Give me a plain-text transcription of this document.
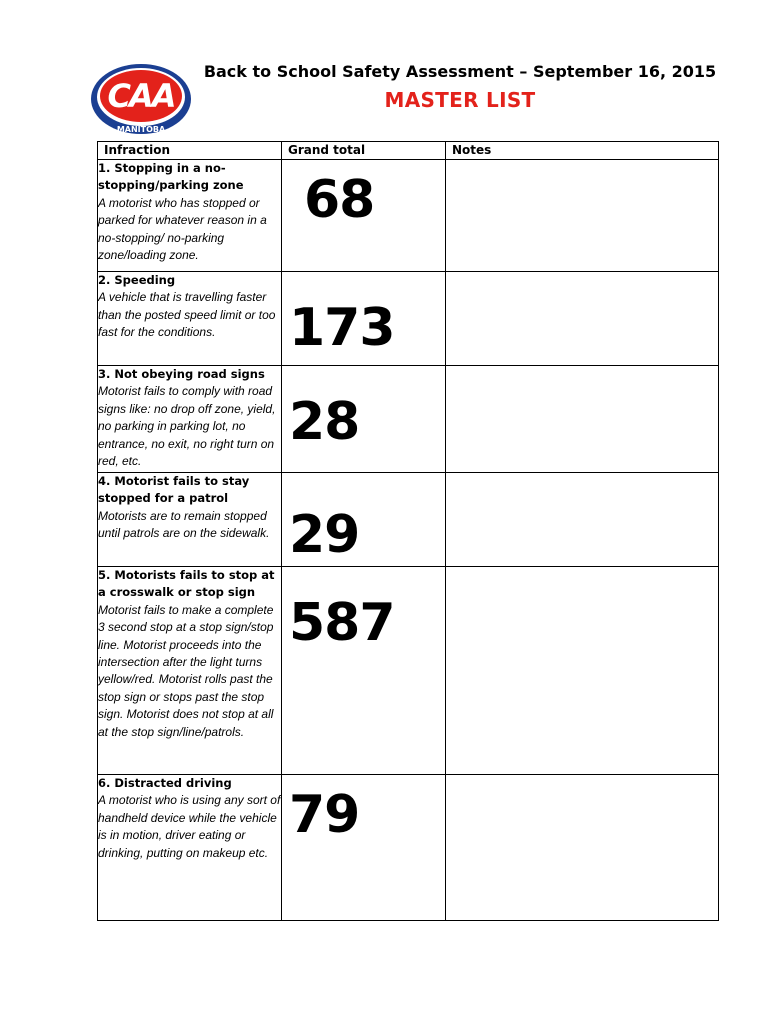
CAA
MANITOBA
Back to School Safety Assessment – September 16, 2015
MASTER LIST
Infraction	Grand total	Notes

1. Stopping in a no-stopping/parking zone
A motorist who has stopped or parked for whatever reason in a no-stopping/ no-parking zone/loading zone.	68	

2. Speeding
A vehicle that is travelling faster than the posted speed limit or too fast for the conditions.	173	

3. Not obeying road signs
Motorist fails to comply with road signs like: no drop off zone, yield, no parking in parking lot, no entrance, no exit, no right turn on red, etc.	28	

4. Motorist fails to stay stopped for a patrol
Motorists are to remain stopped until patrols are on the sidewalk.	29	

5. Motorists fails to stop at a crosswalk or stop sign
Motorist fails to make a complete 3 second stop at a stop sign/stop line. Motorist proceeds into the intersection after the light turns yellow/red. Motorist rolls past the stop sign or stops past the stop sign. Motorist does not stop at all at the stop sign/line/patrols.	587	

6. Distracted driving
A motorist who is using any sort of handheld device while the vehicle is in motion, driver eating or drinking, putting on makeup etc.	79	
